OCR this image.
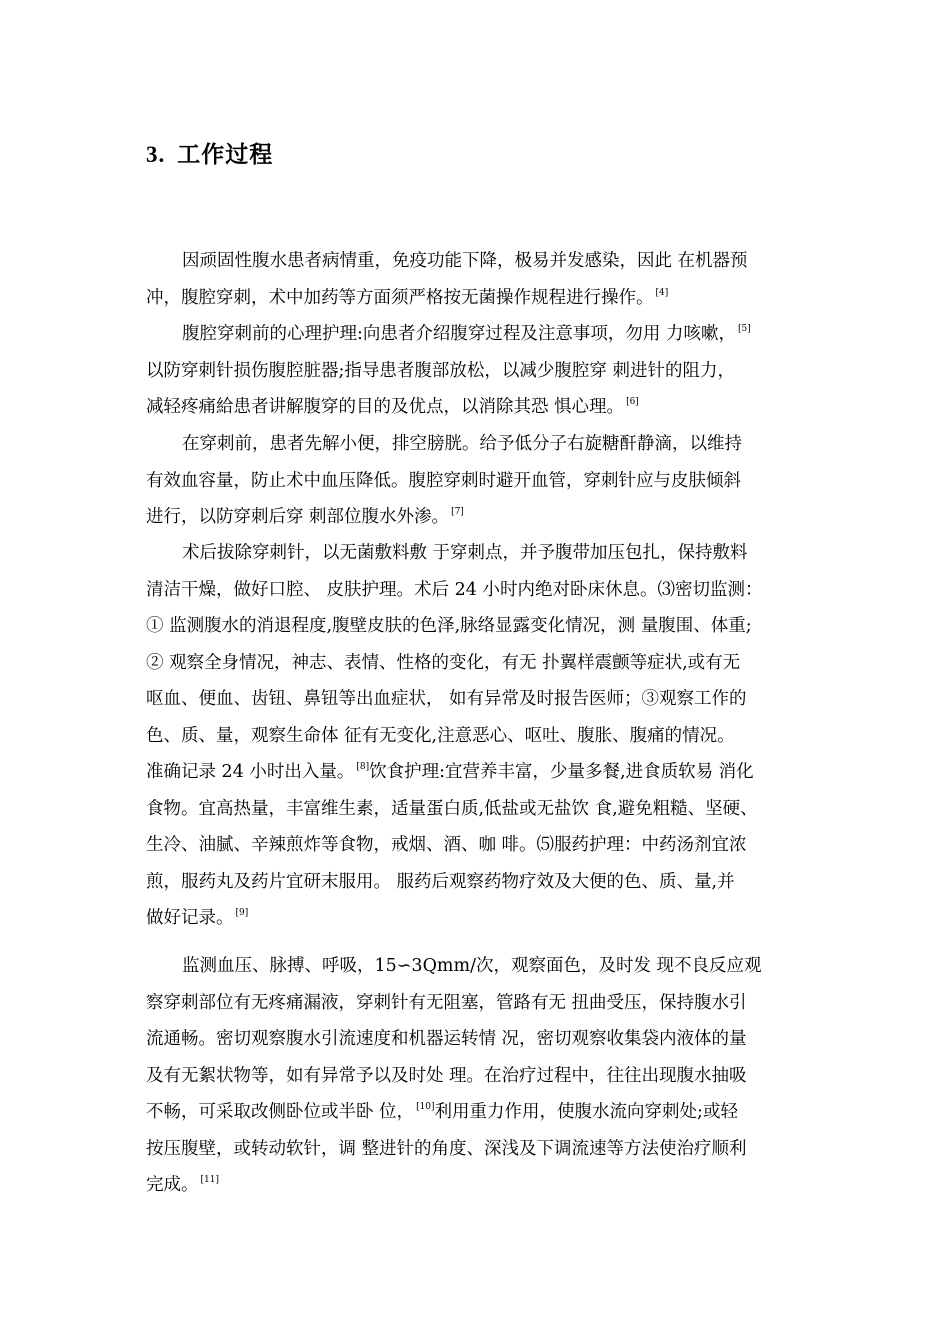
3. 工作过程
因顽固性腹水患者病情重，免疫功能下降，极易并发感染，因此 在机器预
冲，腹腔穿刺，术中加药等方面须严格按无菌操作规程进行操作。 [4]
腹腔穿刺前的心理护理:向患者介绍腹穿过程及注意事项，勿用 力咳嗽， [5]
以防穿刺针损伤腹腔脏器;指导患者腹部放松，以减少腹腔穿 刺进针的阻力，
减轻疼痛給患者讲解腹穿的目的及优点，以消除其恐 惧心理。 [6]
在穿刺前，患者先解小便，排空膀胱。给予低分子右旋糖酐静滴，以维持
有效血容量，防止术中血压降低。腹腔穿刺时避开血管，穿刺针应与皮肤倾斜
进行，以防穿刺后穿 刺部位腹水外渗。 [7]
术后拔除穿刺针，以无菌敷料敷 于穿刺点，并予腹带加压包扎，保持敷料
清洁干燥，做好口腔、 皮肤护理。术后 24 小时内绝对卧床休息。⑶密切监测：
① 监测腹水的消退程度,腹壁皮肤的色泽,脉络显露变化情况，测 量腹围、体重;
② 观察全身情况，神志、表情、性格的变化，有无 扑翼样震颤等症状,或有无
呕血、便血、齿钮、鼻钮等出血症状， 如有异常及时报告医师；③观察工作的
色、质、量，观察生命体 征有无变化,注意恶心、呕吐、腹胀、腹痛的情况。
准确记录 24 小时出入量。 [8]饮食护理:宜营养丰富，少量多餐,进食质软易 消化
食物。宜高热量，丰富维生素，适量蛋白质,低盐或无盐饮 食,避免粗糙、坚硬、
生冷、油腻、辛辣煎炸等食物，戒烟、酒、咖 啡。⑸服药护理：中药汤剂宜浓
煎，服药丸及药片宜研末服用。 服药后观察药物疗效及大便的色、质、量,并
做好记录。 [9]
监测血压、脉搏、呼吸，15∽3Qmm/次，观察面色，及时发 现不良反应观
察穿刺部位有无疼痛漏液，穿刺针有无阻塞，管路有无 扭曲受压，保持腹水引
流通畅。密切观察腹水引流速度和机器运转情 况，密切观察收集袋内液体的量
及有无絮状物等，如有异常予以及时处 理。在治疗过程中，往往出现腹水抽吸
不畅，可采取改侧卧位或半卧 位， [10]利用重力作用，使腹水流向穿刺处;或轻
按压腹壁，或转动软针，调 整进针的角度、深浅及下调流速等方法使治疗顺利
完成。 [11]
